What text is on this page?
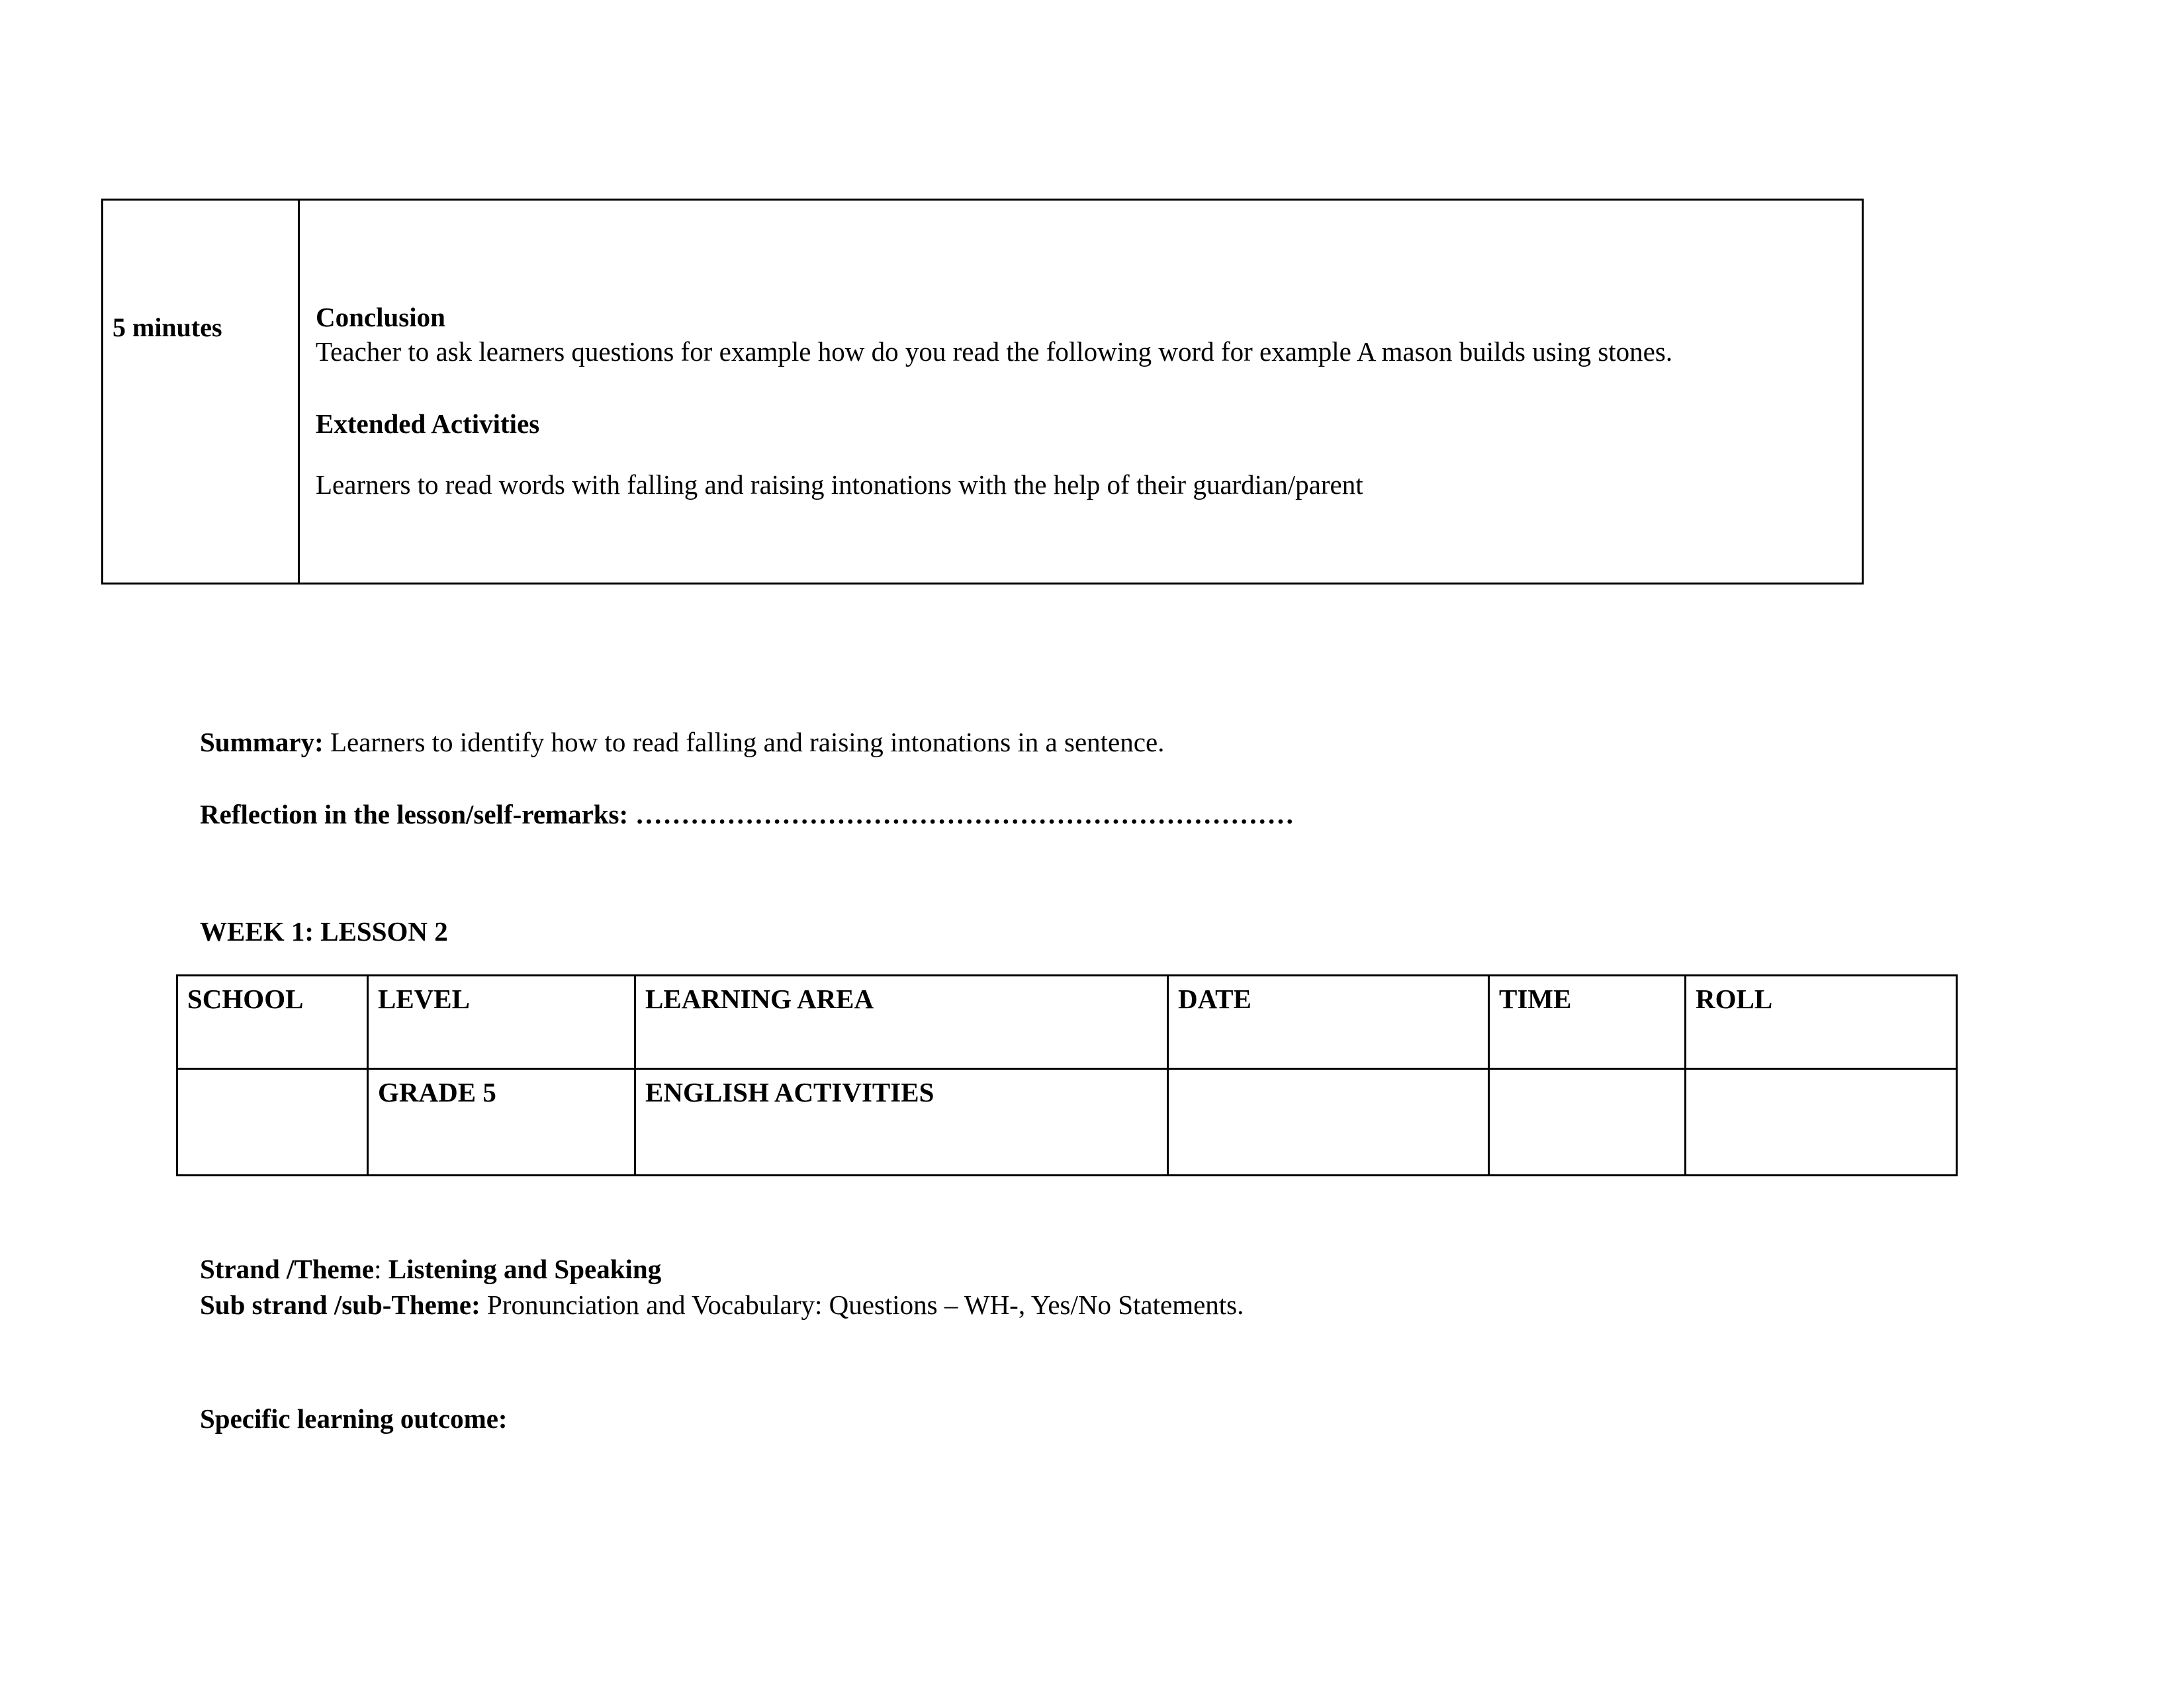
5 minutes	Conclusion

Teacher to ask learners questions for example how do you read the following word for example A mason builds using stones.

Extended Activities

Learners to read words with falling and raising intonations with the help of their guardian/parent

Summary: Learners to identify how to read falling and raising intonations in a sentence.

Reflection in the lesson/self-remarks: ………………………………………………………………

WEEK 1: LESSON 2
SCHOOL	LEVEL	LEARNING AREA	DATE	TIME	ROLL
	GRADE 5	ENGLISH ACTIVITIES			

Strand /Theme: Listening and Speaking

Sub strand /sub-Theme: Pronunciation and Vocabulary: Questions – WH-, Yes/No Statements.

Specific learning outcome:
